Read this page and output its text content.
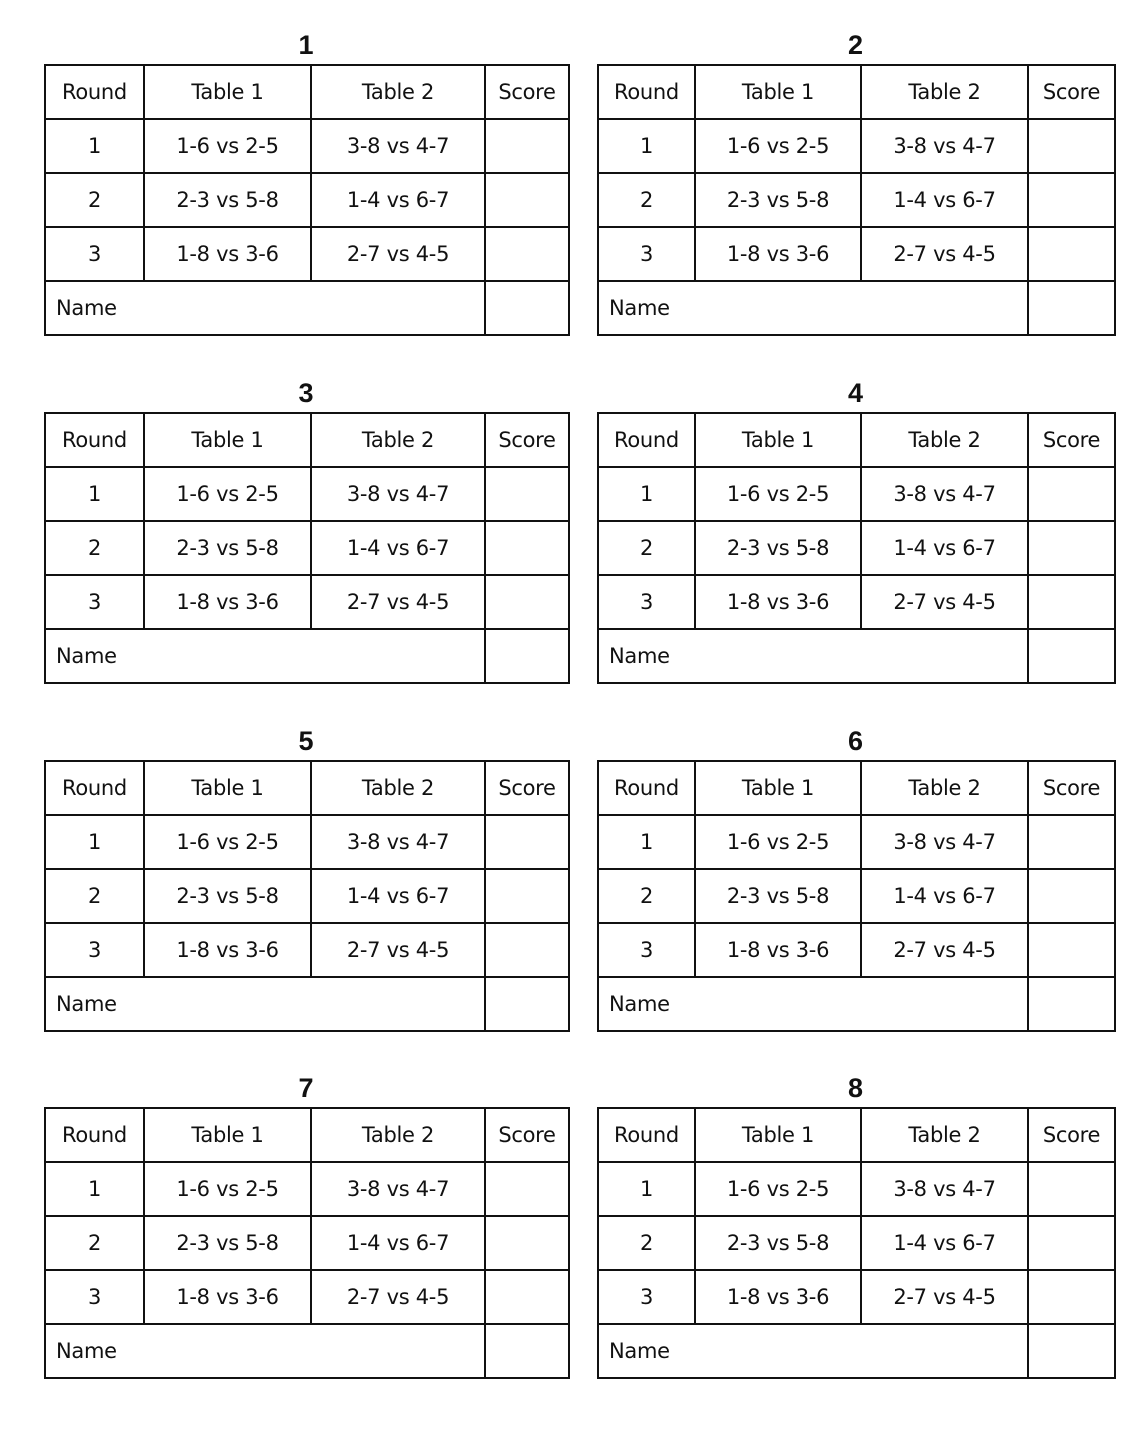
1
Round	Table 1	Table 2	Score
1	1-6 vs 2-5	3-8 vs 4-7	
2	2-3 vs 5-8	1-4 vs 6-7	
3	1-8 vs 3-6	2-7 vs 4-5	
Name			
2
Round	Table 1	Table 2	Score
1	1-6 vs 2-5	3-8 vs 4-7	
2	2-3 vs 5-8	1-4 vs 6-7	
3	1-8 vs 3-6	2-7 vs 4-5	
Name			
3
Round	Table 1	Table 2	Score
1	1-6 vs 2-5	3-8 vs 4-7	
2	2-3 vs 5-8	1-4 vs 6-7	
3	1-8 vs 3-6	2-7 vs 4-5	
Name			
4
Round	Table 1	Table 2	Score
1	1-6 vs 2-5	3-8 vs 4-7	
2	2-3 vs 5-8	1-4 vs 6-7	
3	1-8 vs 3-6	2-7 vs 4-5	
Name			
5
Round	Table 1	Table 2	Score
1	1-6 vs 2-5	3-8 vs 4-7	
2	2-3 vs 5-8	1-4 vs 6-7	
3	1-8 vs 3-6	2-7 vs 4-5	
Name			
6
Round	Table 1	Table 2	Score
1	1-6 vs 2-5	3-8 vs 4-7	
2	2-3 vs 5-8	1-4 vs 6-7	
3	1-8 vs 3-6	2-7 vs 4-5	
Name			
7
Round	Table 1	Table 2	Score
1	1-6 vs 2-5	3-8 vs 4-7	
2	2-3 vs 5-8	1-4 vs 6-7	
3	1-8 vs 3-6	2-7 vs 4-5	
Name			
8
Round	Table 1	Table 2	Score
1	1-6 vs 2-5	3-8 vs 4-7	
2	2-3 vs 5-8	1-4 vs 6-7	
3	1-8 vs 3-6	2-7 vs 4-5	
Name			
